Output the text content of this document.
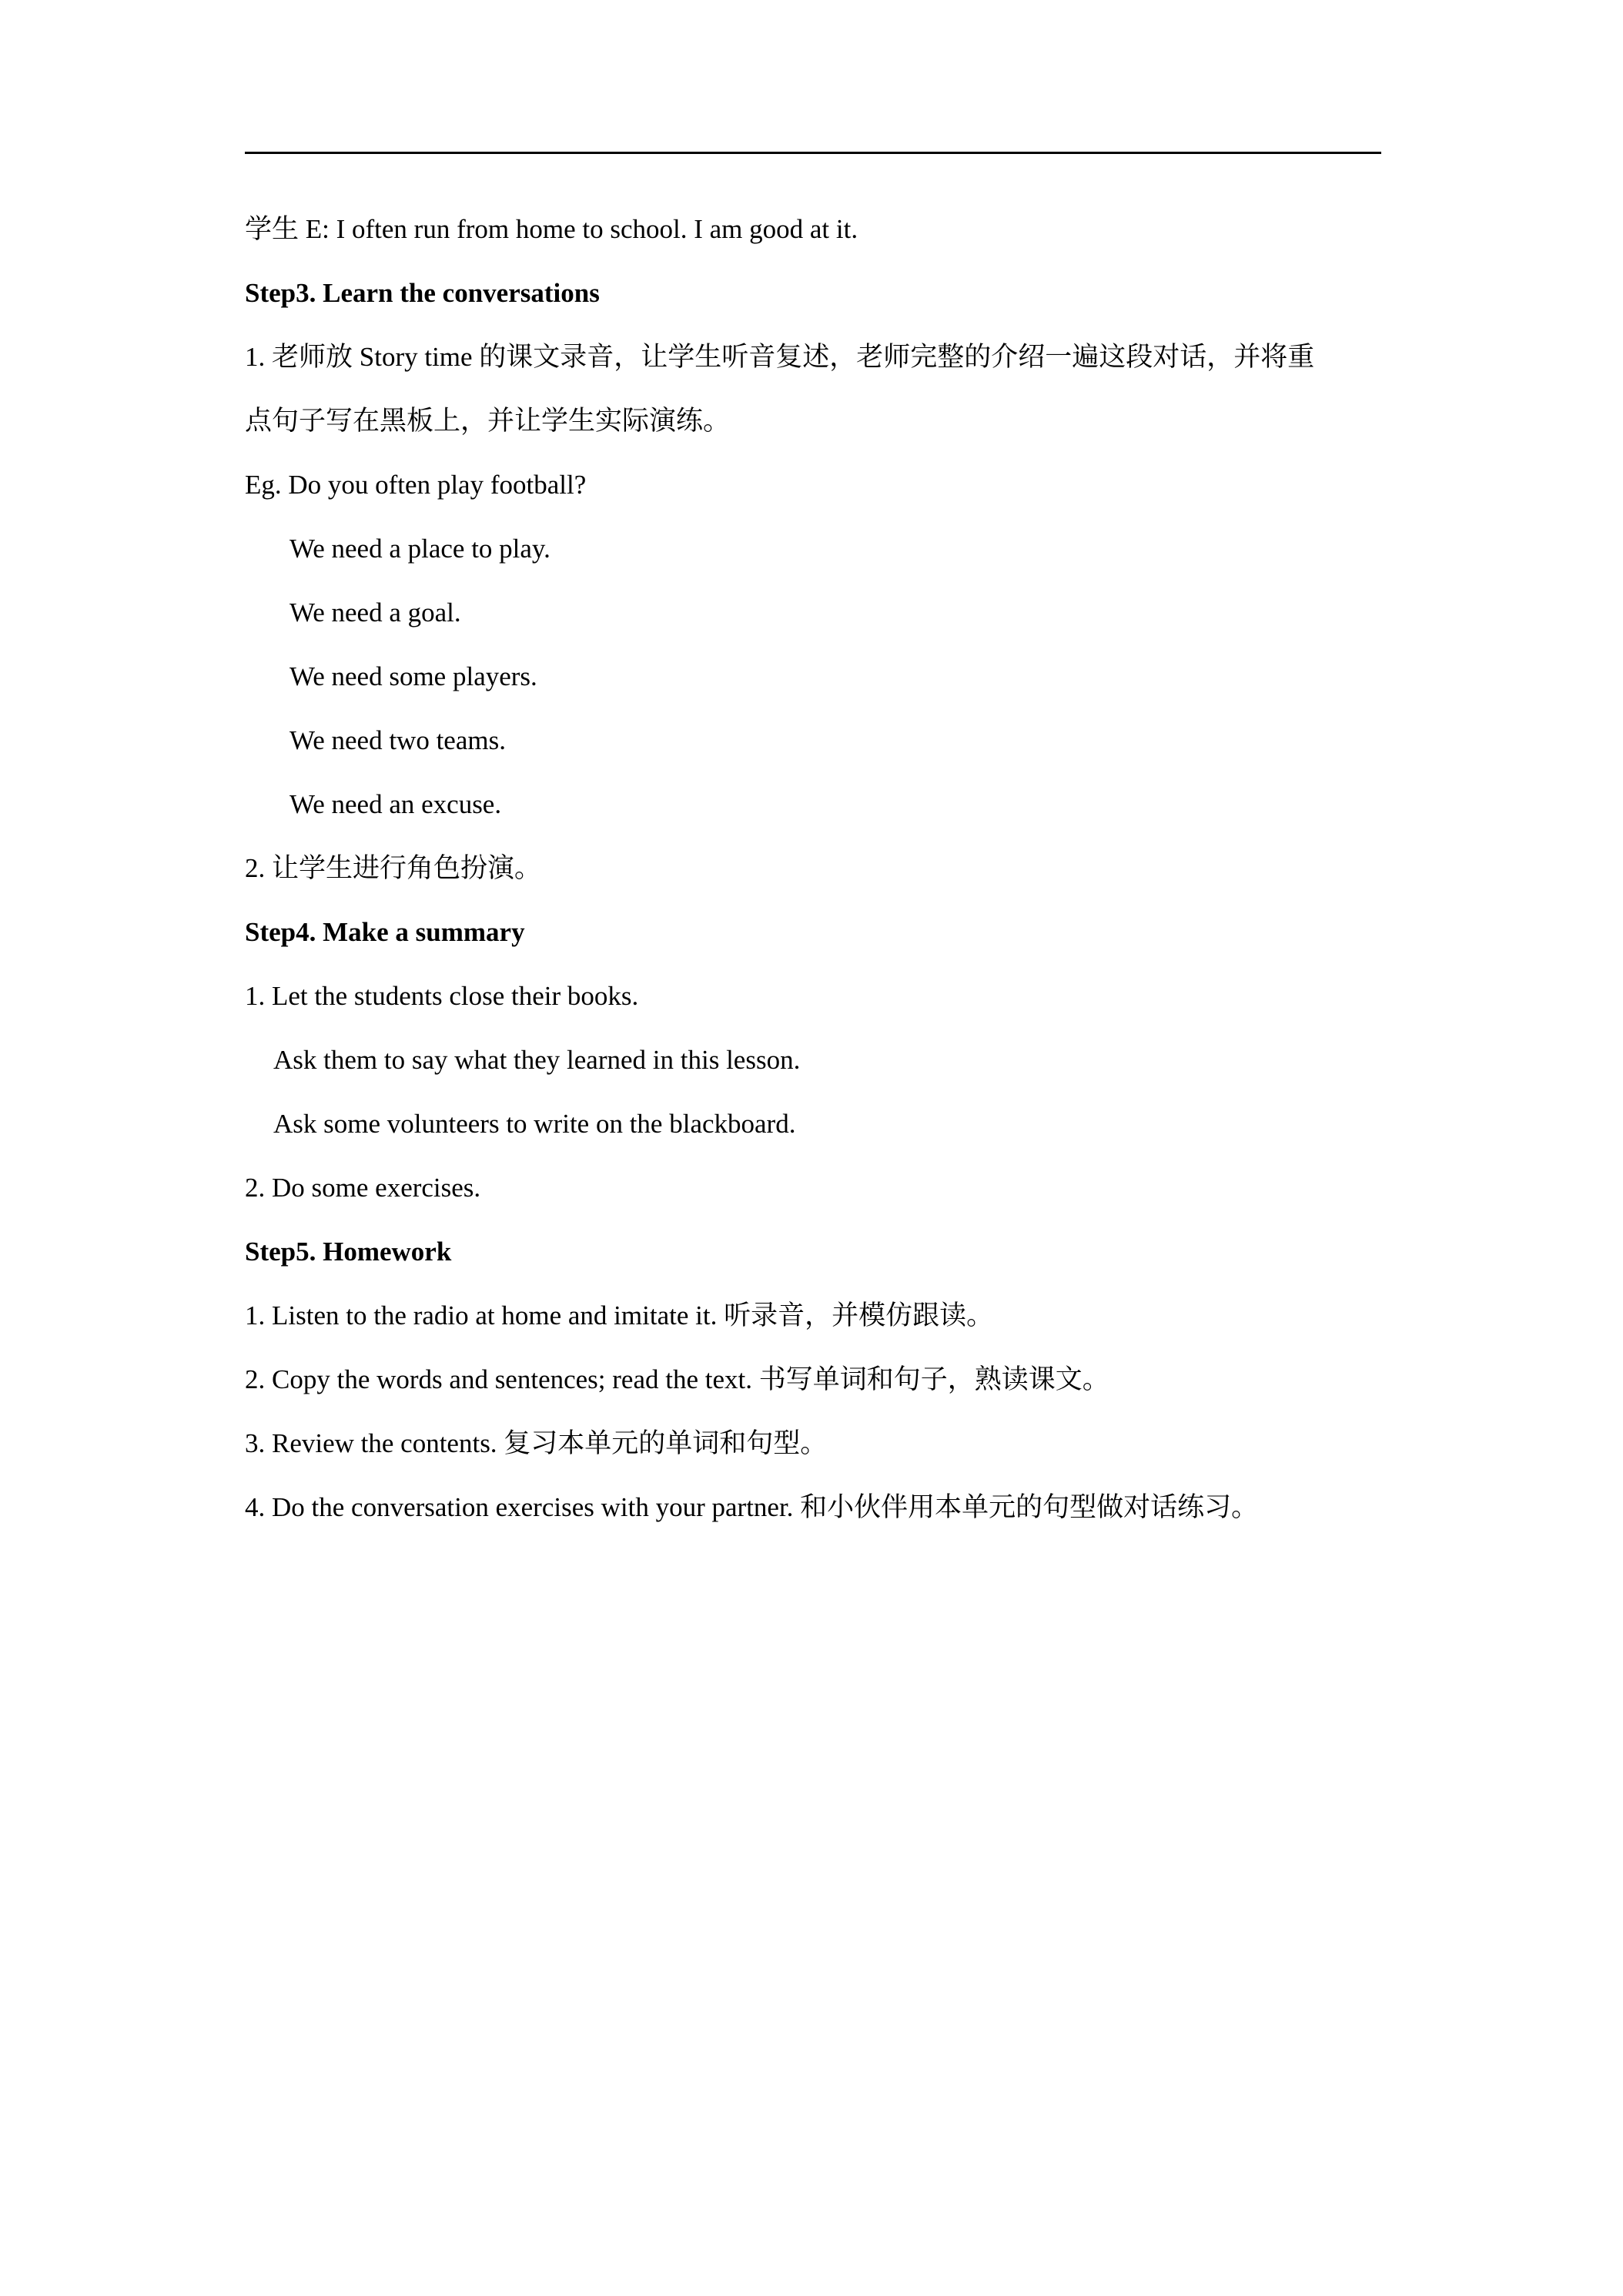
学生 E: I often run from home to school. I am good at it.

Step3. Learn the conversations

1. 老师放 Story time 的课文录音，让学生听音复述，老师完整的介绍一遍这段对话，并将重

点句子写在黑板上，并让学生实际演练。

Eg. Do you often play football?

We need a place to play.

We need a goal.

We need some players.

We need two teams.

We need an excuse.

2. 让学生进行角色扮演。

Step4. Make a summary

1. Let the students close their books.

Ask them to say what they learned in this lesson.

Ask some volunteers to write on the blackboard.

2. Do some exercises.

Step5. Homework

1. Listen to the radio at home and imitate it. 听录音，并模仿跟读。

2. Copy the words and sentences; read the text. 书写单词和句子，熟读课文。

3. Review the contents. 复习本单元的单词和句型。

4. Do the conversation exercises with your partner. 和小伙伴用本单元的句型做对话练习。
